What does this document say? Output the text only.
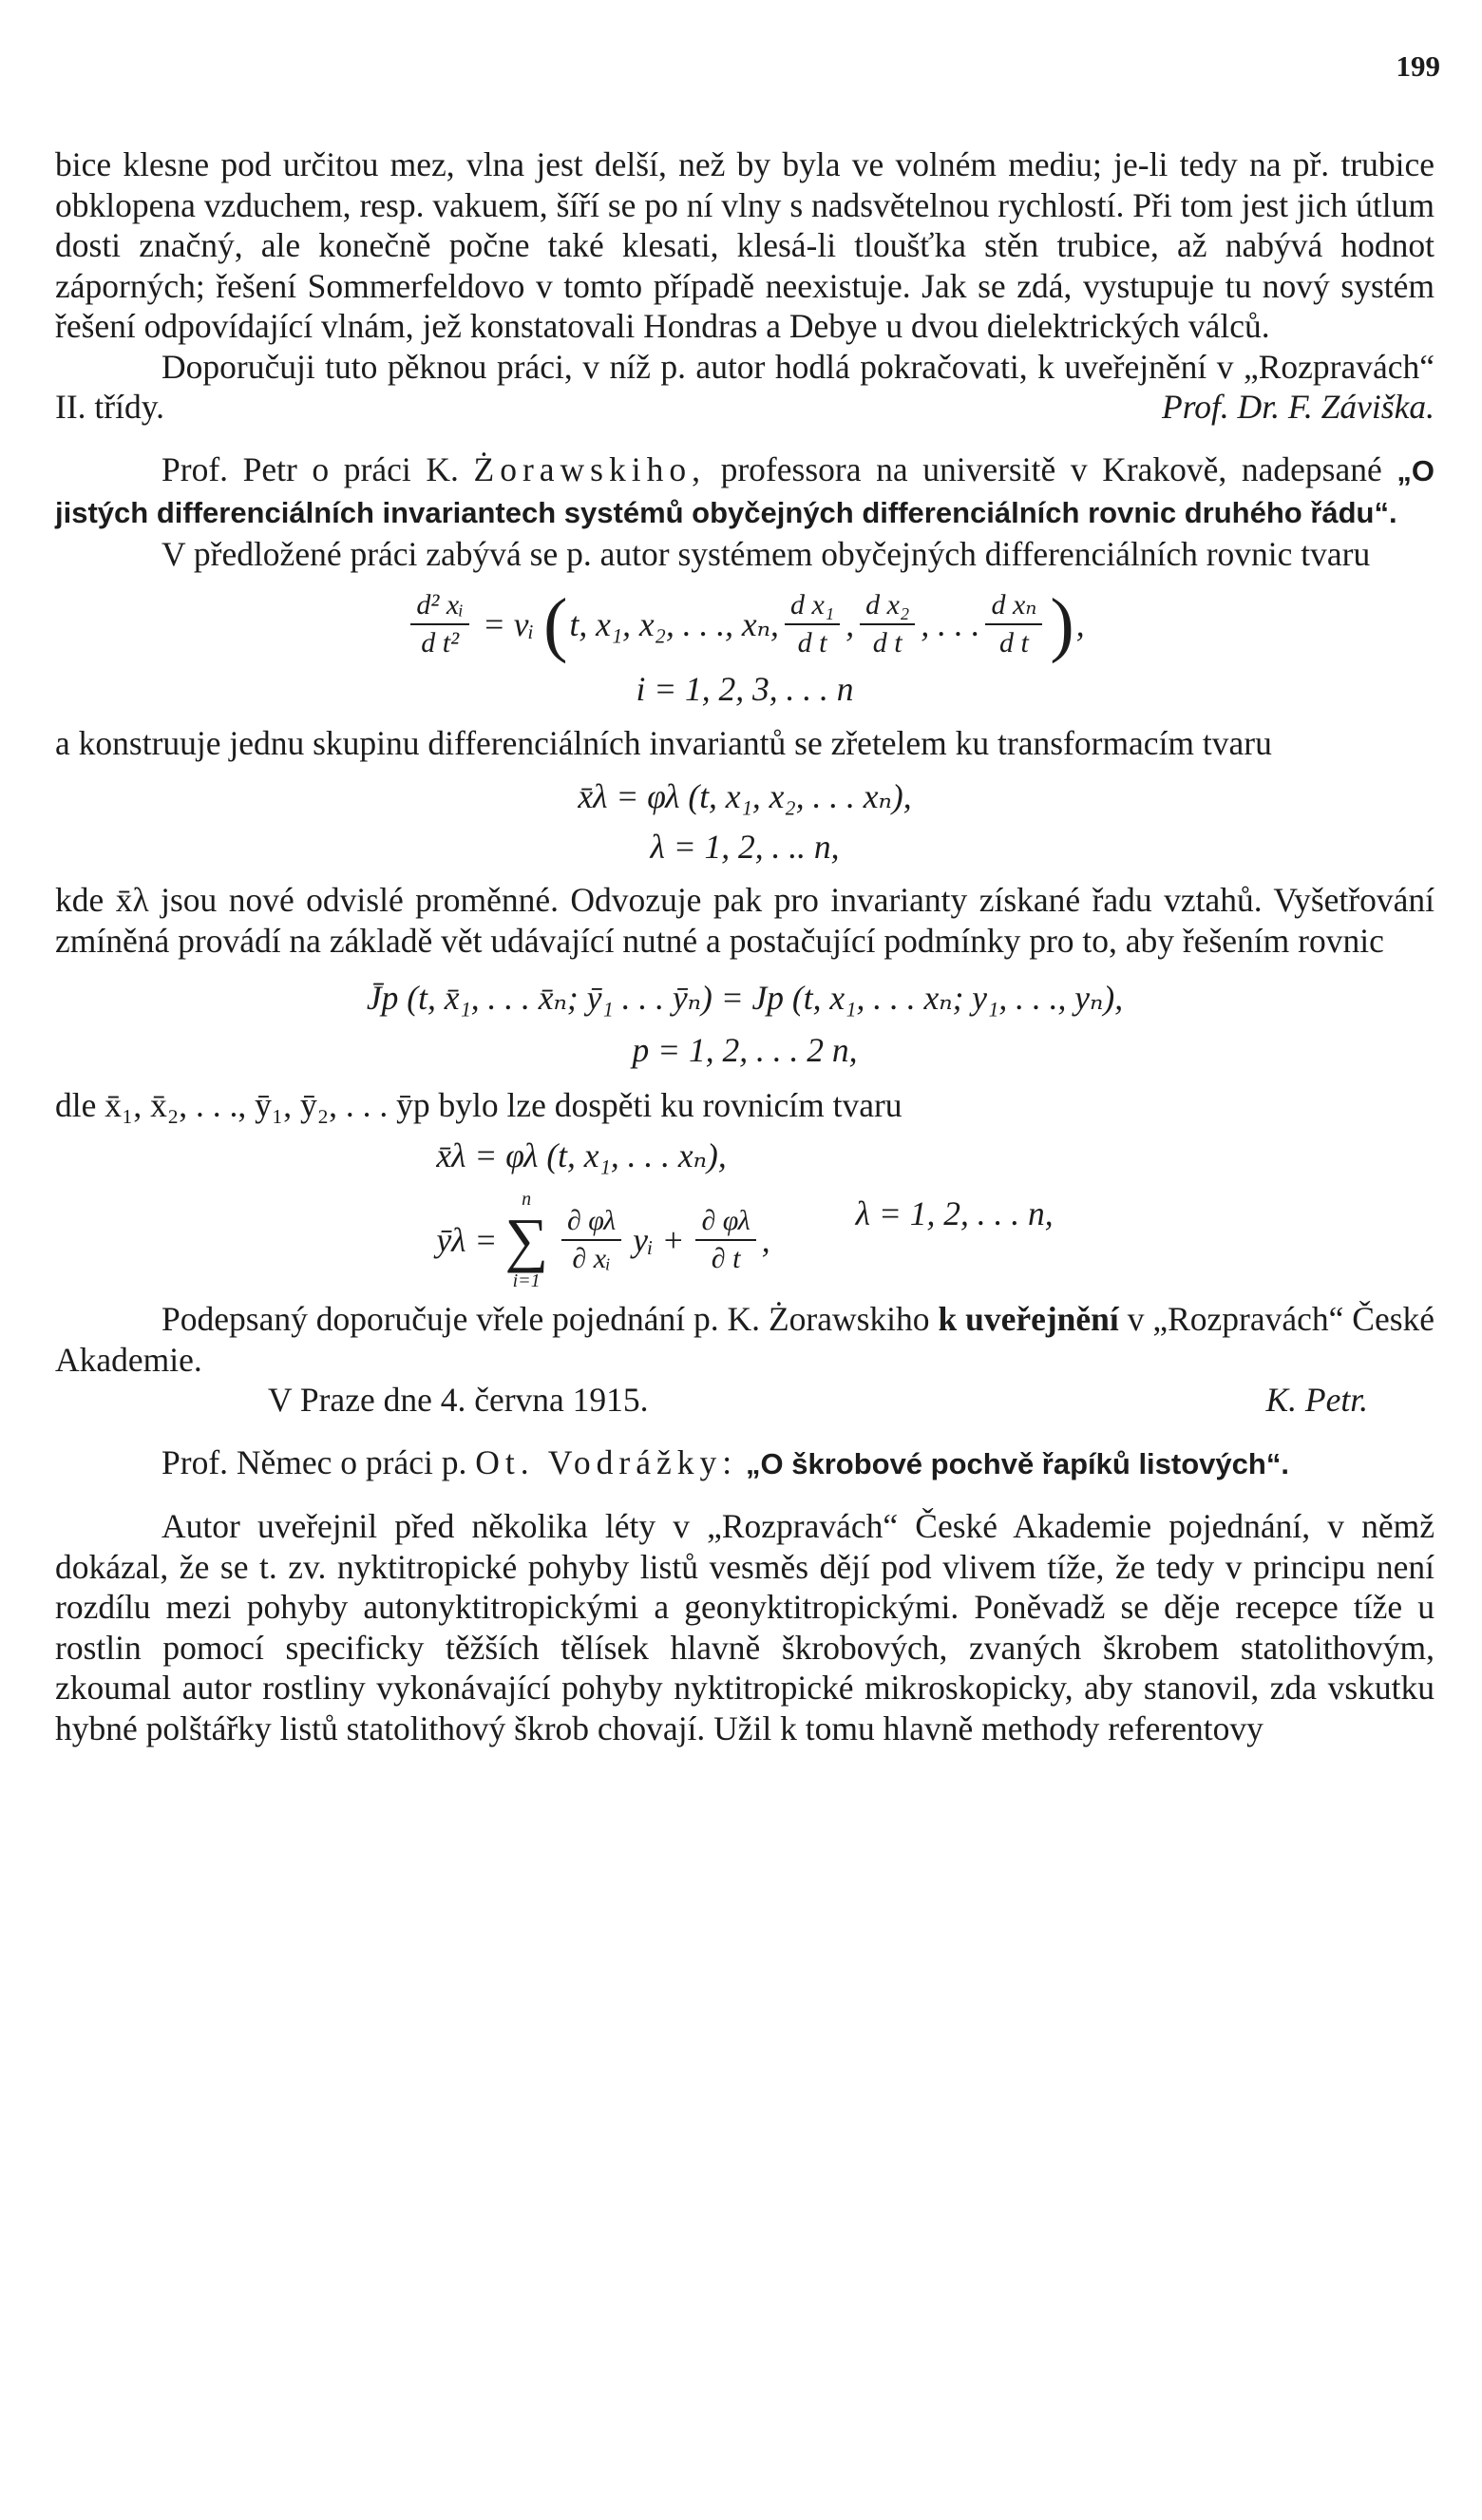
199

bice klesne pod určitou mez, vlna jest delší, než by byla ve volném mediu; je-li tedy na př. trubice obklopena vzduchem, resp. vakuem, šíří se po ní vlny s nadsvětelnou rychlostí. Při tom jest jich útlum dosti značný, ale konečně počne také klesati, klesá-li tloušťka stěn trubice, až nabývá hodnot záporných; řešení Sommerfeldovo v tomto případě neexistuje. Jak se zdá, vystupuje tu nový systém řešení odpovídající vlnám, jež konstatovali Hondras a Debye u dvou dielektrických válců.

Doporučuji tuto pěknou práci, v níž p. autor hodlá pokračovati, k uveřejnění v „Rozpravách“ II. třídy.	Prof. Dr. F. Záviška.

Prof. Petr o práci K. Żorawskiho, professora na universitě v Krakově, nadepsané „O jistých differenciálních invariantech systémů obyčejných differenciálních rovnic druhého řádu“.

V předložené práci zabývá se p. autor systémem obyčejných differenciálních rovnic tvaru

$\frac{\text{d² xᵢ}}{\text{d t²}}$ = vᵢ ( t, x₁, x₂, . . ., xₙ, $\frac{\text{d x₁}}{\text{d t}}$ , $\frac{\text{d x₂}}{\text{d t}}$ , . . . $\frac{\text{d xₙ}}{\text{d t}}$ ) ,
i = 1, 2, 3, . . . n

a konstruuje jednu skupinu differenciálních invariantů se zřetelem ku transformacím tvaru

x̄λ = φλ (t, x₁, x₂, . . . xₙ),
λ = 1, 2, . .. n,

kde x̄λ jsou nové odvislé proměnné. Odvozuje pak pro invarianty získané řadu vztahů. Vyšetřování zmíněná provádí na základě vět udávající nutné a postačující podmínky pro to, aby řešením rovnic

J̄p (t, x̄₁, . . . x̄ₙ; ȳ₁ . . . ȳₙ) = Jp (t, x₁, . . . xₙ; y₁, . . ., yₙ),
p = 1, 2, . . . 2 n,

dle x̄₁, x̄₂, . . ., ȳ₁, ȳ₂, . . . ȳp bylo lze dospěti ku rovnicím tvaru

x̄λ = φλ (t, x₁, . . . xₙ),
ȳλ =
n
∑
i=1
$\frac{\partial \varphi\lambda}{\text{∂ xᵢ}}$ yᵢ + $\frac{\partial \varphi\lambda}{\partial t}$ ,
λ = 1, 2, . . . n,

Podepsaný doporučuje vřele pojednání p. K. Żorawskiho k uveřejnění v „Rozpravách“ České Akademie.

V Praze dne 4. června 1915.	K. Petr.

Prof. Němec o práci p. Ot. Vodrážky: „O škrobové pochvě řapíků listových“.

Autor uveřejnil před několika léty v „Rozpravách“ České Akademie pojednání, v němž dokázal, že se t. zv. nyktitropické pohyby listů vesměs dějí pod vlivem tíže, že tedy v principu není rozdílu mezi pohyby autonyktitropickými a geonyktitropickými. Poněvadž se děje recepce tíže u rostlin pomocí specificky těžších tělísek hlavně škrobových, zvaných škrobem statolithovým, zkoumal autor rostliny vykonávající pohyby nyktitropické mikroskopicky, aby stanovil, zda vskutku hybné polštářky listů statolithový škrob chovají. Užil k tomu hlavně methody referentovy
